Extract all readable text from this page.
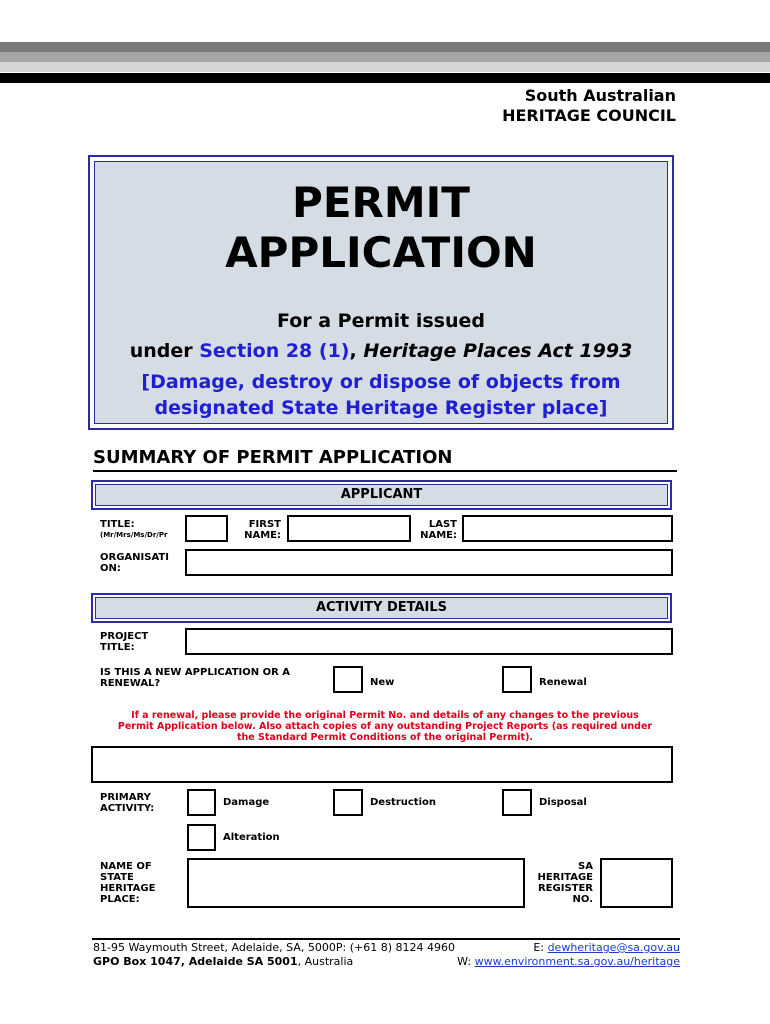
South Australian
HERITAGE COUNCIL
PERMIT
APPLICATION
For a Permit issued
under Section 28 (1), Heritage Places Act 1993
[Damage, destroy or dispose of objects from
designated State Heritage Register place]
SUMMARY OF PERMIT APPLICATION
APPLICANT
TITLE:
(Mr/Mrs/Ms/Dr/Pr
FIRST
NAME:
LAST
NAME:
ORGANISATI
ON:
ACTIVITY DETAILS
PROJECT
TITLE:
IS THIS A NEW APPLICATION OR A
RENEWAL?	New	Renewal
If a renewal, please provide the original Permit No. and details of any changes to the previous
Permit Application below. Also attach copies of any outstanding Project Reports (as required under
the Standard Permit Conditions of the original Permit).
PRIMARY
ACTIVITY:
Damage	Destruction	Disposal
Alteration
NAME OF
STATE
HERITAGE
PLACE:
SA
HERITAGE
REGISTER
NO.
81-95 Waymouth Street, Adelaide, SA, 5000P: (+61 8) 8124 4960	E: dewheritage@sa.gov.au
GPO Box 1047, Adelaide SA 5001, Australia	W: www.environment.sa.gov.au/heritage
